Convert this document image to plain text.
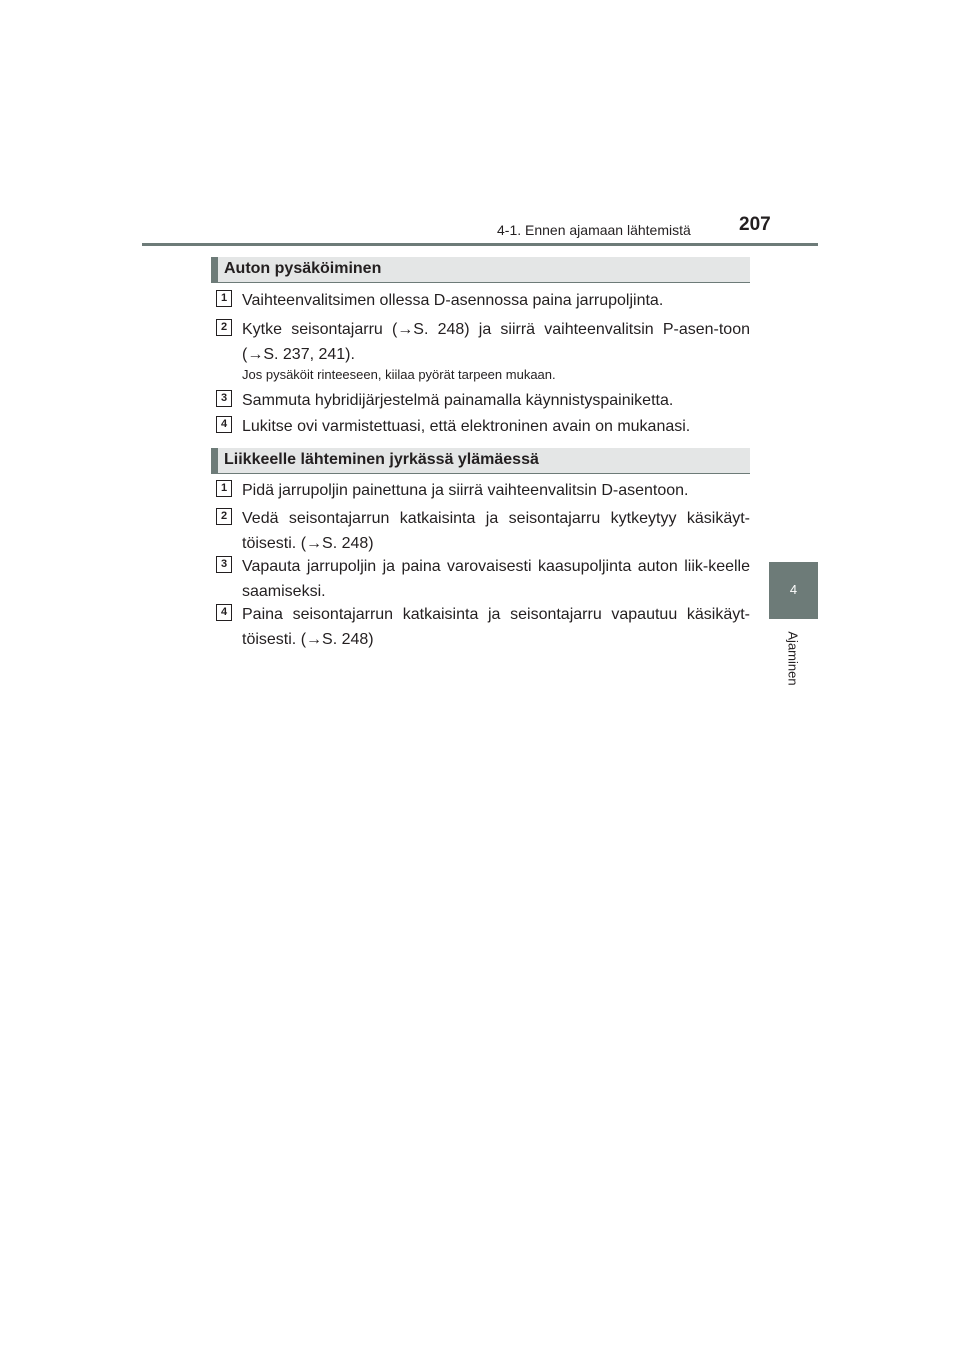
4-1. Ennen ajamaan lähtemistä	207
4
Ajaminen
Auton pysäköiminen
1 Vaihteenvalitsimen ollessa D-asennossa paina jarrupoljinta.
2 Kytke seisontajarru (→S. 248) ja siirrä vaihteenvalitsin P-asen-toon (→S. 237, 241).
Jos pysäköit rinteeseen, kiilaa pyörät tarpeen mukaan.
3 Sammuta hybridijärjestelmä painamalla käynnistyspainiketta.
4 Lukitse ovi varmistettuasi, että elektroninen avain on mukanasi.
Liikkeelle lähteminen jyrkässä ylämäessä
1 Pidä jarrupoljin painettuna ja siirrä vaihteenvalitsin D-asentoon.
2 Vedä seisontajarrun katkaisinta ja seisontajarru kytkeytyy käsikäyt-töisesti. (→S. 248)
3 Vapauta jarrupoljin ja paina varovaisesti kaasupoljinta auton liik-keelle saamiseksi.
4 Paina seisontajarrun katkaisinta ja seisontajarru vapautuu käsikäyt-töisesti. (→S. 248)
